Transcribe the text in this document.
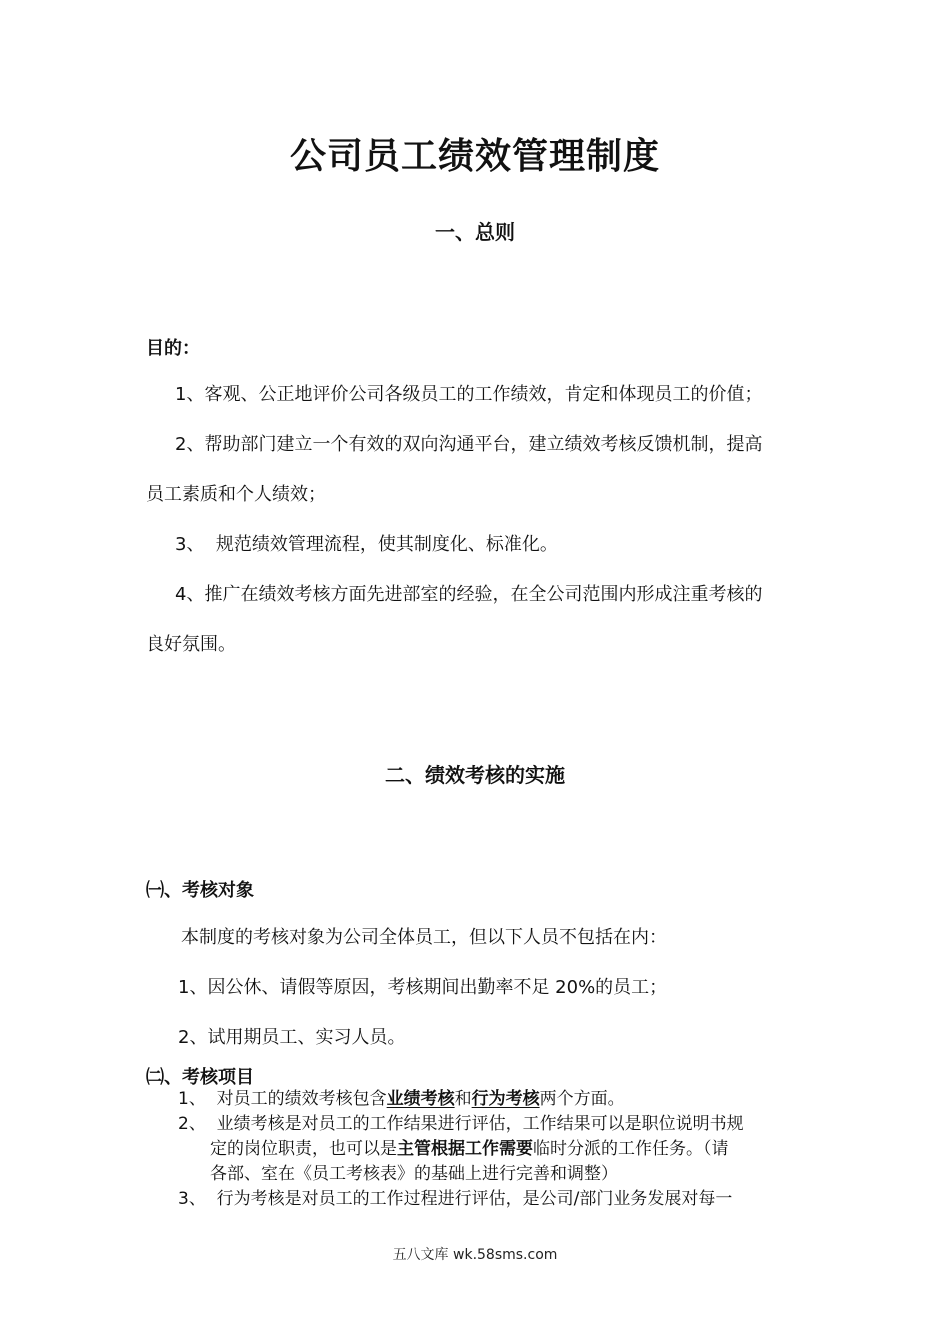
公司员工绩效管理制度
一、总则
目的：
1、客观、公正地评价公司各级员工的工作绩效，肯定和体现员工的价值；
2、帮助部门建立一个有效的双向沟通平台，建立绩效考核反馈机制，提高
员工素质和个人绩效；
3、  规范绩效管理流程，使其制度化、标准化。
4、推广在绩效考核方面先进部室的经验，在全公司范围内形成注重考核的
良好氛围。
二、绩效考核的实施
㈠、考核对象
本制度的考核对象为公司全体员工，但以下人员不包括在内：
1、因公休、请假等原因，考核期间出勤率不足 20%的员工；
2、试用期员工、实习人员。
㈡、考核项目
1、  对员工的绩效考核包含业绩考核和行为考核两个方面。
2、  业绩考核是对员工的工作结果进行评估，工作结果可以是职位说明书规
定的岗位职责，也可以是主管根据工作需要临时分派的工作任务。（请
各部、室在《员工考核表》的基础上进行完善和调整）
3、  行为考核是对员工的工作过程进行评估，是公司/部门业务发展对每一
五八文库 wk.58sms.com
